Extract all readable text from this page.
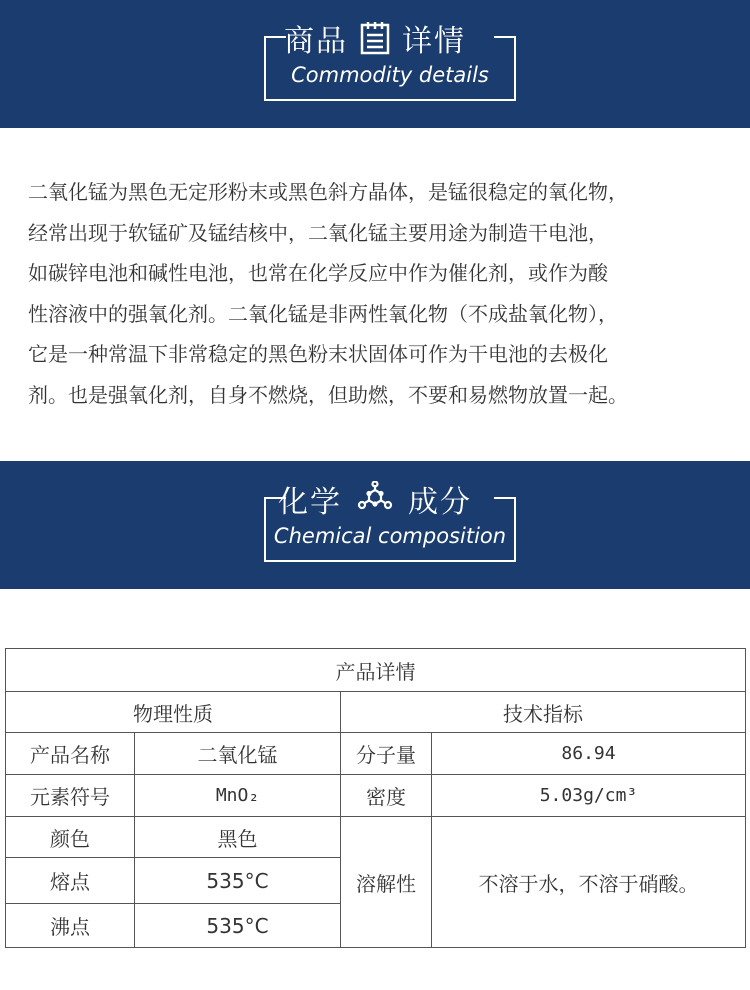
商品 详情
Commodity details

二氧化锰为黑色无定形粉末或黑色斜方晶体，是锰很稳定的氧化物，
经常出现于软锰矿及锰结核中，二氧化锰主要用途为制造干电池，
如碳锌电池和碱性电池，也常在化学反应中作为催化剂，或作为酸
性溶液中的强氧化剂。二氧化锰是非两性氧化物（不成盐氧化物），
它是一种常温下非常稳定的黑色粉末状固体可作为干电池的去极化
剂。也是强氧化剂，自身不燃烧，但助燃，不要和易燃物放置一起。

化学 成分
Chemical composition
产品详情			
物理性质		技术指标	
产品名称	二氧化锰	分子量	86.94
元素符号	MnO₂	密度	5.03g/cm³
颜色	黑色	溶解性	不溶于水，不溶于硝酸。
熔点	535°C		
沸点	535°C		
